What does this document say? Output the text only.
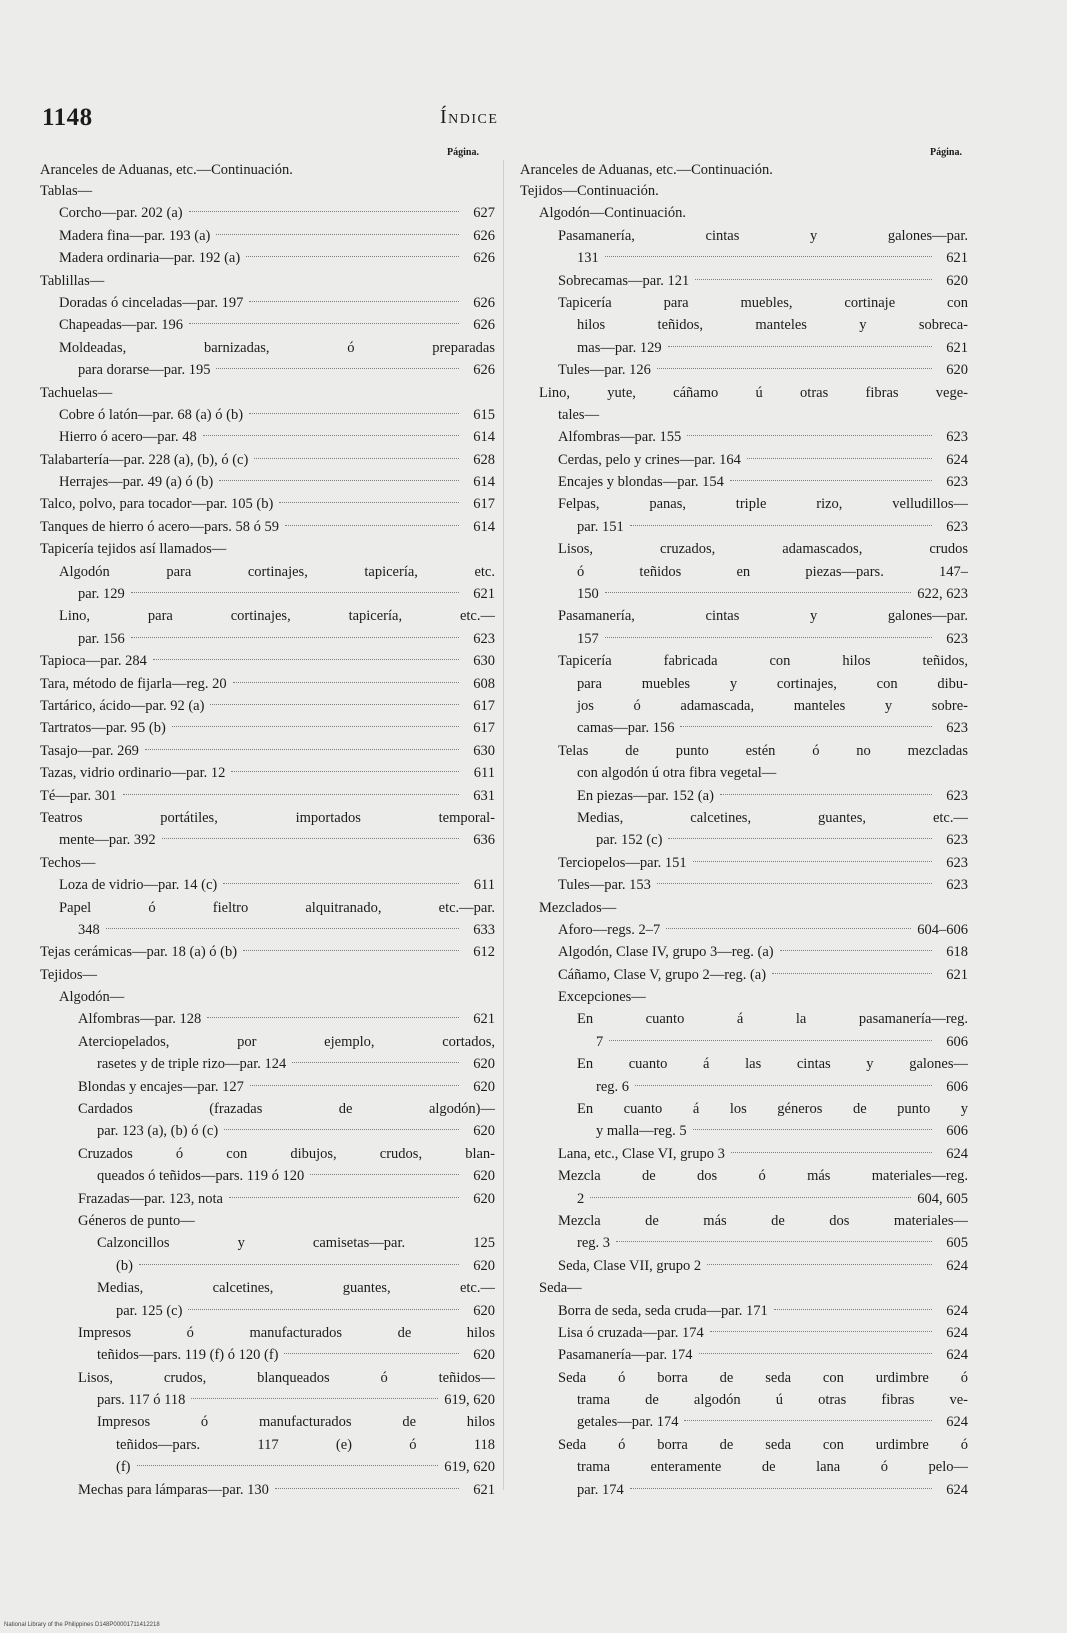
1148	Índice
Página.
Aranceles de Aduanas, etc.—Continuación.
Tablas—
Corcho—par. 202 (a)	627
Madera fina—par. 193 (a)	626
Madera ordinaria—par. 192 (a)	626
Tablillas—
Doradas ó cinceladas—par. 197	626
Chapeadas—par. 196	626
Moldeadas, barnizadas, ó preparadas
para dorarse—par. 195	626
Tachuelas—
Cobre ó latón—par. 68 (a) ó (b)	615
Hierro ó acero—par. 48	614
Talabartería—par. 228 (a), (b), ó (c)	628
Herrajes—par. 49 (a) ó (b)	614
Talco, polvo, para tocador—par. 105 (b)	617
Tanques de hierro ó acero—pars. 58 ó 59	614
Tapicería tejidos así llamados—
Algodón para cortinajes, tapicería, etc.
par. 129	621
Lino, para cortinajes, tapicería, etc.—
par. 156	623
Tapioca—par. 284	630
Tara, método de fijarla—reg. 20	608
Tartárico, ácido—par. 92 (a)	617
Tartratos—par. 95 (b)	617
Tasajo—par. 269	630
Tazas, vidrio ordinario—par. 12	611
Té—par. 301	631
Teatros portátiles, importados temporal-
mente—par. 392	636
Techos—
Loza de vidrio—par. 14 (c)	611
Papel ó fieltro alquitranado, etc.—par.
348	633
Tejas cerámicas—par. 18 (a) ó (b)	612
Tejidos—
Algodón—
Alfombras—par. 128	621
Aterciopelados, por ejemplo, cortados,
rasetes y de triple rizo—par. 124	620
Blondas y encajes—par. 127	620
Cardados (frazadas de algodón)—
par. 123 (a), (b) ó (c)	620
Cruzados ó con dibujos, crudos, blan-
queados ó teñidos—pars. 119 ó 120	620
Frazadas—par. 123, nota	620
Géneros de punto—
Calzoncillos y camisetas—par. 125
(b)	620
Medias, calcetines, guantes, etc.—
par. 125 (c)	620
Impresos ó manufacturados de hilos
teñidos—pars. 119 (f) ó 120 (f)	620
Lisos, crudos, blanqueados ó teñidos—
pars. 117 ó 118	619, 620
Impresos ó manufacturados de hilos
teñidos—pars. 117 (e) ó 118
(f)	619, 620
Mechas para lámparas—par. 130	621
Página.
Aranceles de Aduanas, etc.—Continuación.
Tejidos—Continuación.
Algodón—Continuación.
Pasamanería, cintas y galones—par.
131	621
Sobrecamas—par. 121	620
Tapicería para muebles, cortinaje con
hilos teñidos, manteles y sobreca-
mas—par. 129	621
Tules—par. 126	620
Lino, yute, cáñamo ú otras fibras vege-
tales—
Alfombras—par. 155	623
Cerdas, pelo y crines—par. 164	624
Encajes y blondas—par. 154	623
Felpas, panas, triple rizo, velludillos—
par. 151	623
Lisos, cruzados, adamascados, crudos
ó teñidos en piezas—pars. 147–
150	622, 623
Pasamanería, cintas y galones—par.
157	623
Tapicería fabricada con hilos teñidos,
para muebles y cortinajes, con dibu-
jos ó adamascada, manteles y sobre-
camas—par. 156	623
Telas de punto estén ó no mezcladas
con algodón ú otra fibra vegetal—
En piezas—par. 152 (a)	623
Medias, calcetines, guantes, etc.—
par. 152 (c)	623
Terciopelos—par. 151	623
Tules—par. 153	623
Mezclados—
Aforo—regs. 2–7	604–606
Algodón, Clase IV, grupo 3—reg. (a)	618
Cáñamo, Clase V, grupo 2—reg. (a)	621
Excepciones—
En cuanto á la pasamanería—reg.
7	606
En cuanto á las cintas y galones—
reg. 6	606
En cuanto á los géneros de punto y
y malla—reg. 5	606
Lana, etc., Clase VI, grupo 3	624
Mezcla de dos ó más materiales—reg.
2	604, 605
Mezcla de más de dos materiales—
reg. 3	605
Seda, Clase VII, grupo 2	624
Seda—
Borra de seda, seda cruda—par. 171	624
Lisa ó cruzada—par. 174	624
Pasamanería—par. 174	624
Seda ó borra de seda con urdimbre ó
trama de algodón ú otras fibras ve-
getales—par. 174	624
Seda ó borra de seda con urdimbre ó
trama enteramente de lana ó pelo—
par. 174	624
National Library of the Philippines D148P00001711412218
